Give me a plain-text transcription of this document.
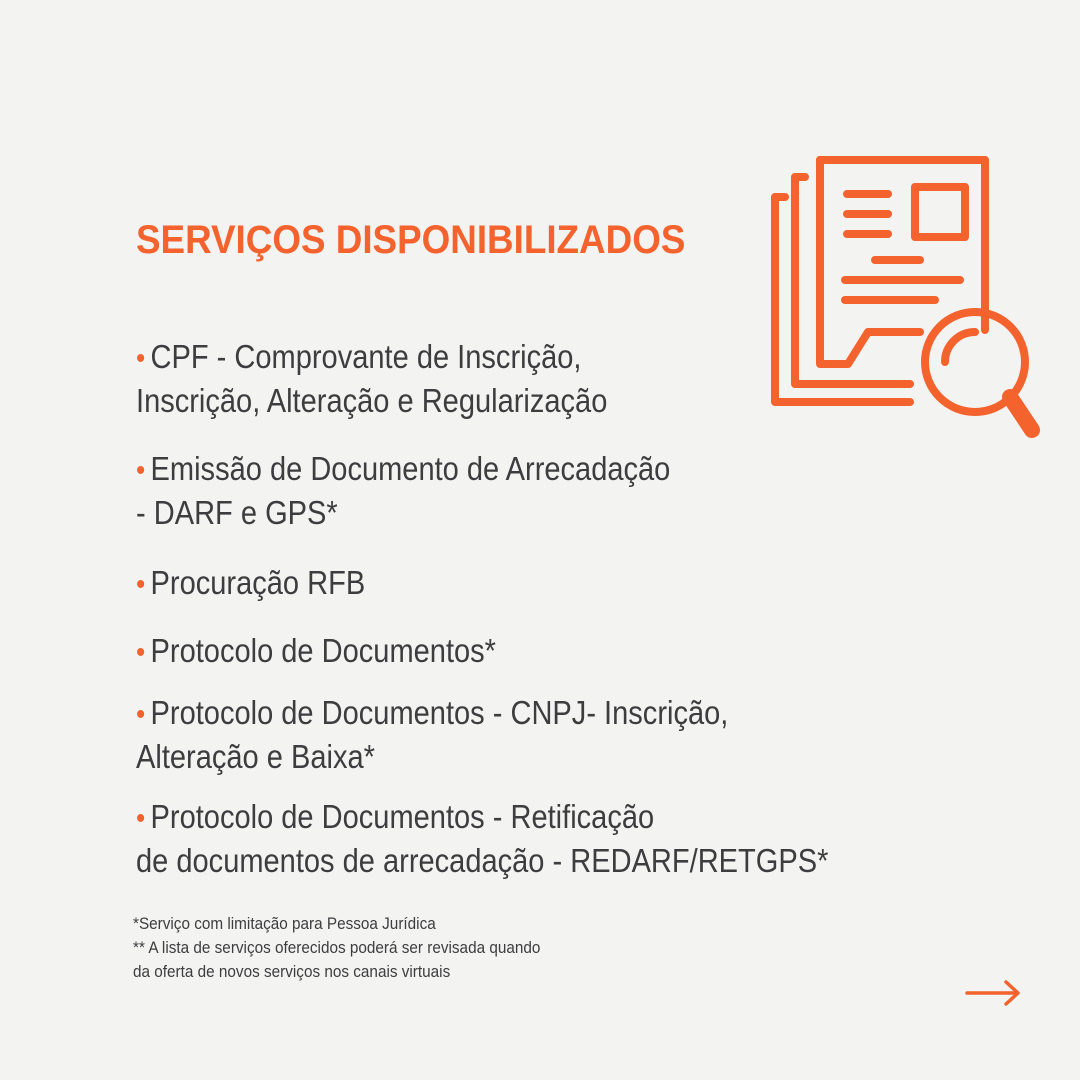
SERVIÇOS DISPONIBILIZADOS
• CPF - Comprovante de Inscrição,
Inscrição, Alteração e Regularização
• Emissão de Documento de Arrecadação
- DARF e GPS*
• Procuração RFB
• Protocolo de Documentos*
• Protocolo de Documentos - CNPJ- Inscrição,
Alteração e Baixa*
• Protocolo de Documentos - Retificação
de documentos de arrecadação - REDARF/RETGPS*
*Serviço com limitação para Pessoa Jurídica
** A lista de serviços oferecidos poderá ser revisada quando
da oferta de novos serviços nos canais virtuais
